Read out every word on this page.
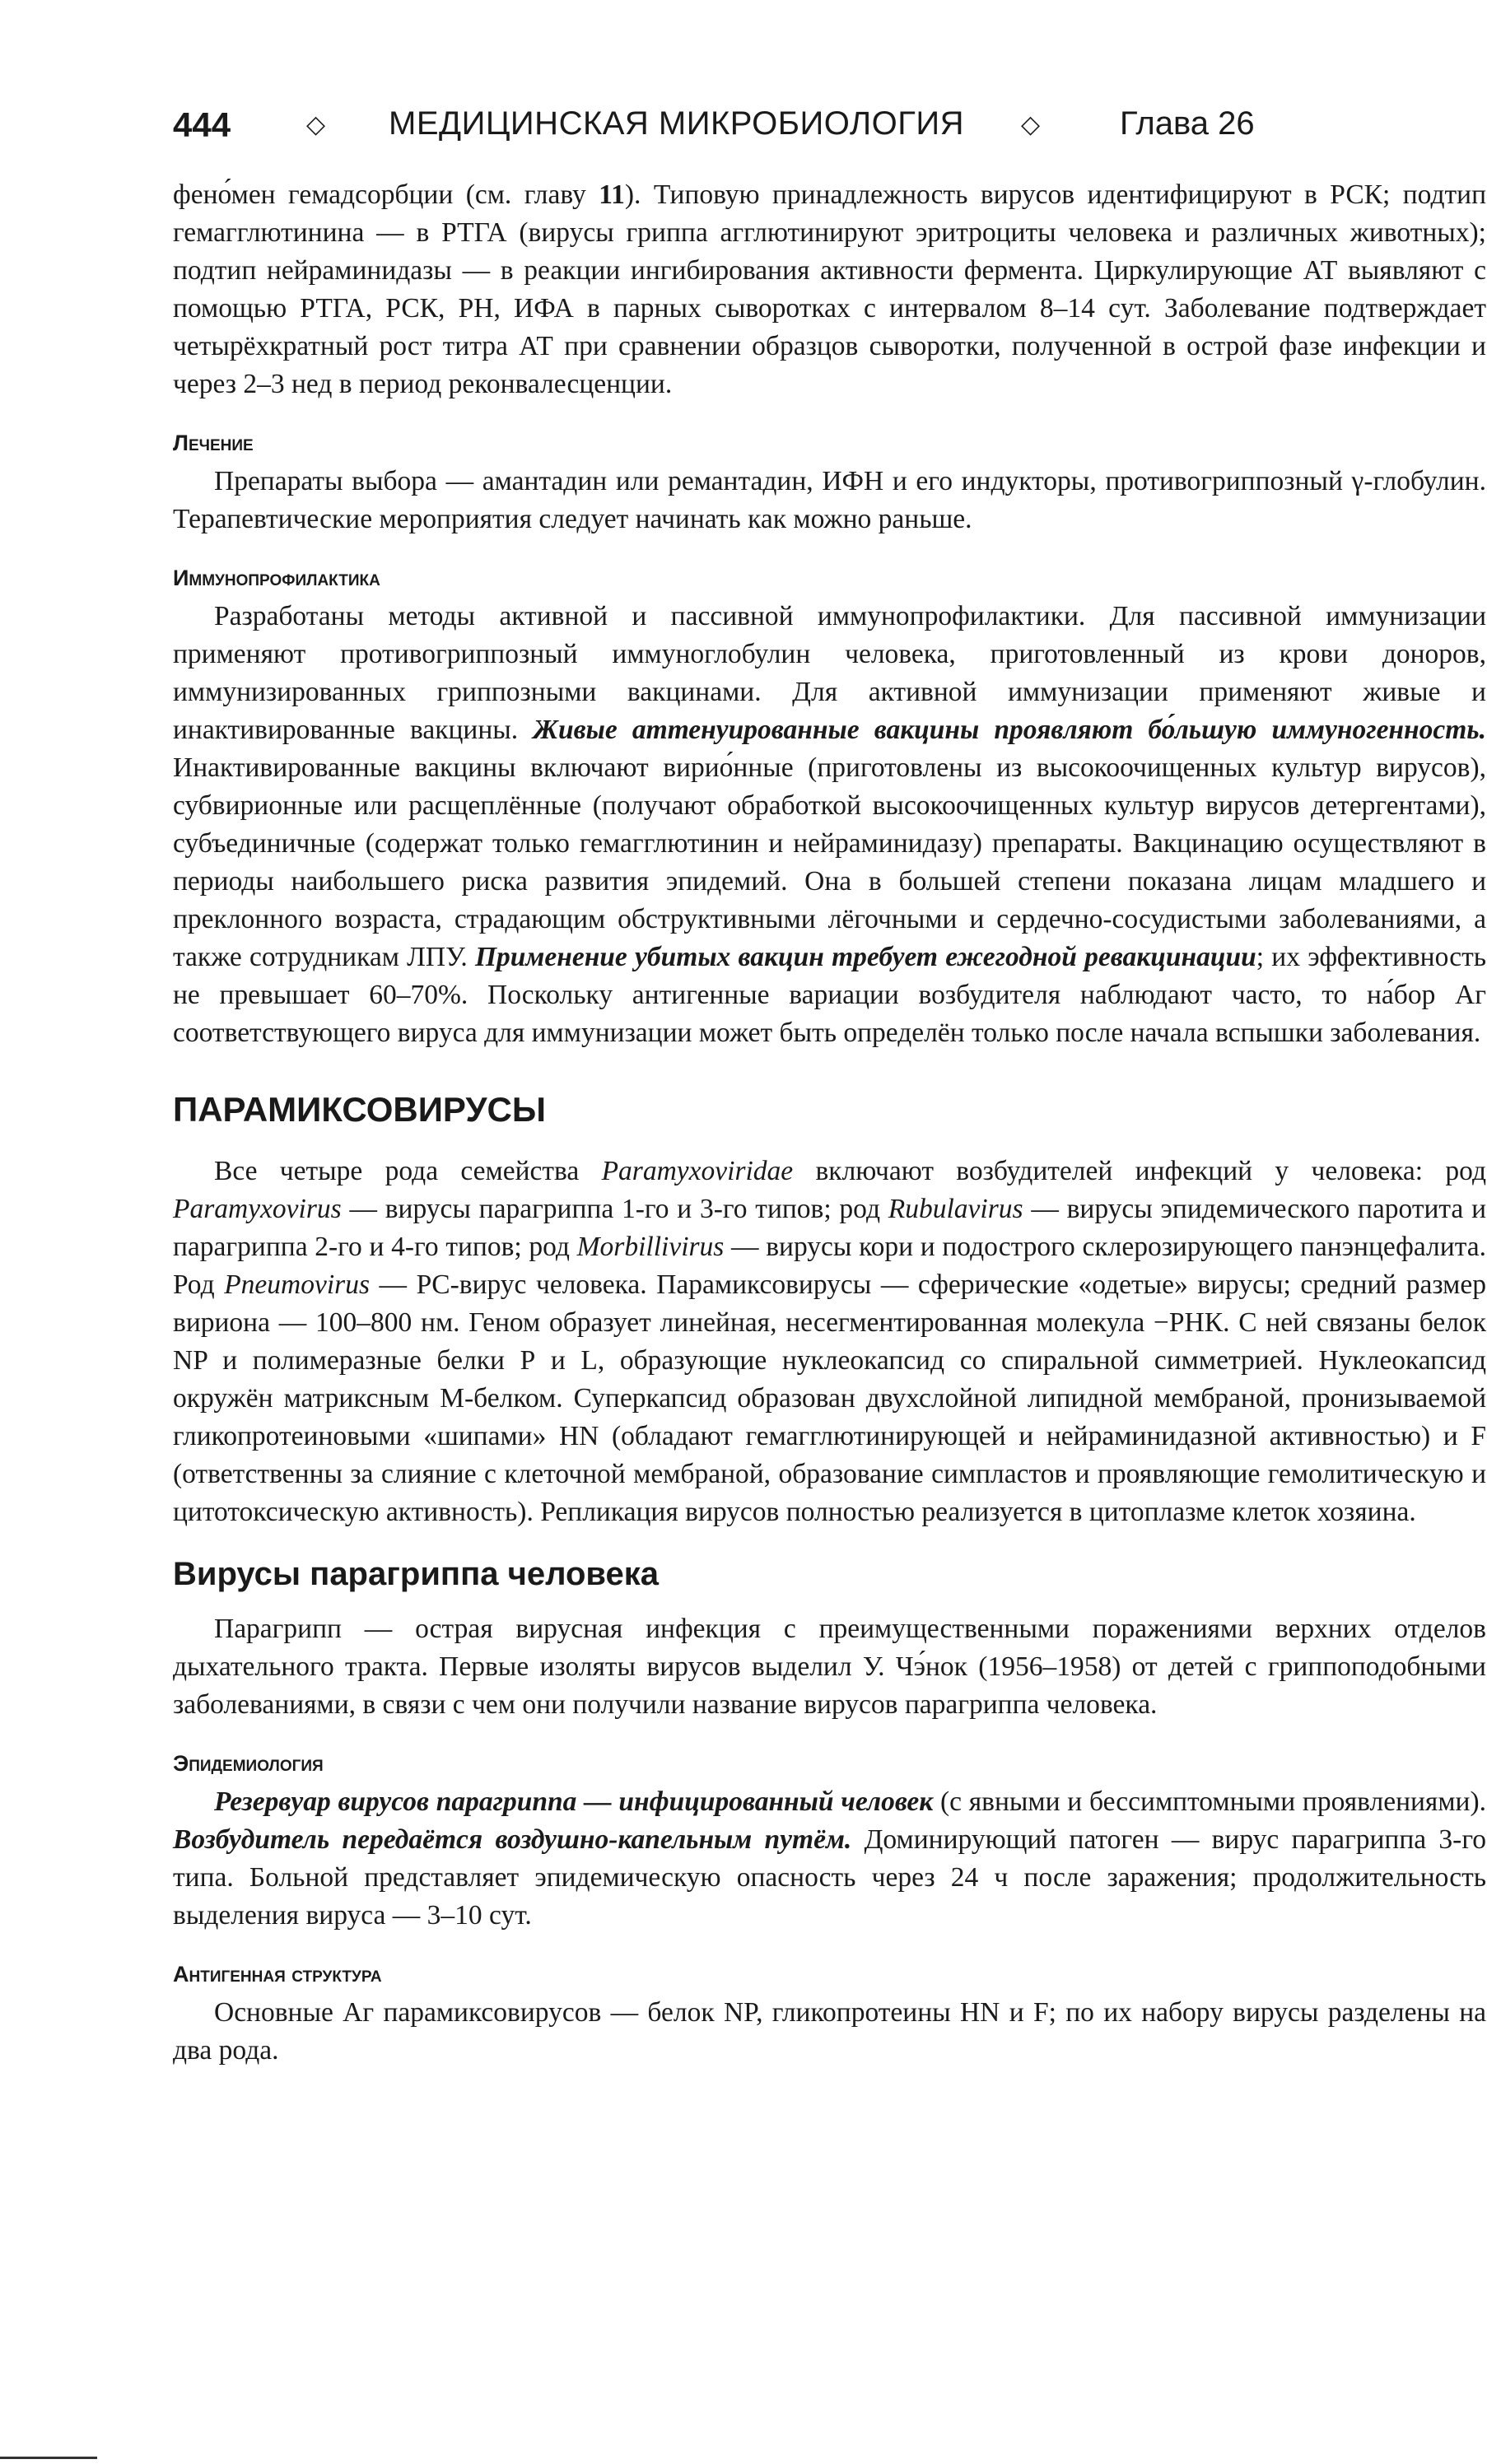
444	◇ МЕДИЦИНСКАЯ МИКРОБИОЛОГИЯ ◇ Глава 26

фено́мен гемадсорбции (см. главу 11). Типовую принадлежность вирусов идентифицируют в РСК; подтип гемагглютинина — в РТГА (вирусы гриппа агглютинируют эритроциты человека и различных животных); подтип нейраминидазы — в реакции ингибирования активности фермента. Циркулирующие АТ выявляют с помощью РТГА, РСК, РН, ИФА в парных сывоpотках с интервалом 8–14 сут. Заболевание подтверждает четырёхкратный рост титра АТ при сравнении образцов сыворотки, полученной в острой фазе инфекции и через 2–3 нед в период реконвалесценции.

Лечение

Препараты выбора — амантадин или ремантадин, ИФН и его индукторы, противогриппозный γ-глобулин. Терапевтические мероприятия следует начинать как можно раньше.

Иммунопрофилактика

Разработаны методы активной и пассивной иммунопрофилактики. Для пассивной иммунизации применяют противогриппозный иммуноглобулин человека, приготовленный из крови доноров, иммунизированных гриппозными вакцинами. Для активной иммунизации применяют живые и инактивированные вакцины. Живые аттенуированные вакцины проявляют бо́льшую иммуногенность. Инактивированные вакцины включают виpио́нные (приготовлены из высокоочищенных культур вирусов), субвирионные или расщеплённые (получают обработкой высокоочищенных культур вирусов детергентами), субъединичные (содержат только гемагглютинин и нейраминидазу) препараты. Вакцинацию осуществляют в периоды наибольшего риска развития эпидемий. Она в большей степени показана лицам младшего и преклонного возраста, страдающим обструктивными лёгочными и сердечно-сосудистыми заболеваниями, а также сотрудникам ЛПУ. Применение убитых вакцин требует ежегодной ревакцинации; их эффективность не превышает 60–70%. Поскольку антигенные вариации возбудителя наблюдают часто, то на́бор Аг соответствующего вируса для иммунизации может быть определён только после начала вспышки заболевания.

ПАРАМИКСОВИРУСЫ

Все четыре рода семейства Paramyxoviridae включают возбудителей инфекций у человека: род Paramyxovirus — вирусы парагриппа 1-го и 3-го типов; род Rubulavirus — вирусы эпидемического паротита и парагриппа 2-го и 4-го типов; род Morbillivirus — вирусы кори и подострого склерозирующего панэнцефалита. Род Pneumovirus — PC-вирус человека. Парамиксовирусы — сферические «одетые» вирусы; средний размер вириона — 100–800 нм. Геном образует линейная, несегментированная молекула −РНК. С ней связаны белок NP и полимеразные белки Р и L, образующие нуклеокапсид со спиральной симметрией. Нуклеокапсид окружён матриксным М-белком. Суперкапсид образован двухслойной липидной мембраной, пронизываемой гликопротеиновыми «шипами» HN (обладают гемагглютинирующей и нейраминидазной активностью) и F (ответственны за слияние с клеточной мембраной, образование симпластов и проявляющие гемолитическую и цитотоксическую активность). Репликация вирусов полностью реализуется в цитоплазме клеток хозяина.

Вирусы парагриппа человека

Парагрипп — острая вирусная инфекция с преимущественными поражениями верхних отделов дыхательного тракта. Первые изоляты вирусов выделил У. Чэ́нок (1956–1958) от детей с гриппоподобными заболеваниями, в связи с чем они получили название вирусов парагриппа человека.

Эпидемиология

Резервуар вирусов парагриппа — инфицированный человек (с явными и бессимптомными проявлениями). Возбудитель передаётся воздушно-капельным путём. Доминирующий патоген — вирус парагриппа 3-го типа. Больной представляет эпидемическую опасность через 24 ч после заражения; продолжительность выделения вируса — 3–10 сут.

Антигенная структура

Основные Аг парамиксовирусов — белок NP, гликопротеины HN и F; по их набору вирусы разделены на два рода.
